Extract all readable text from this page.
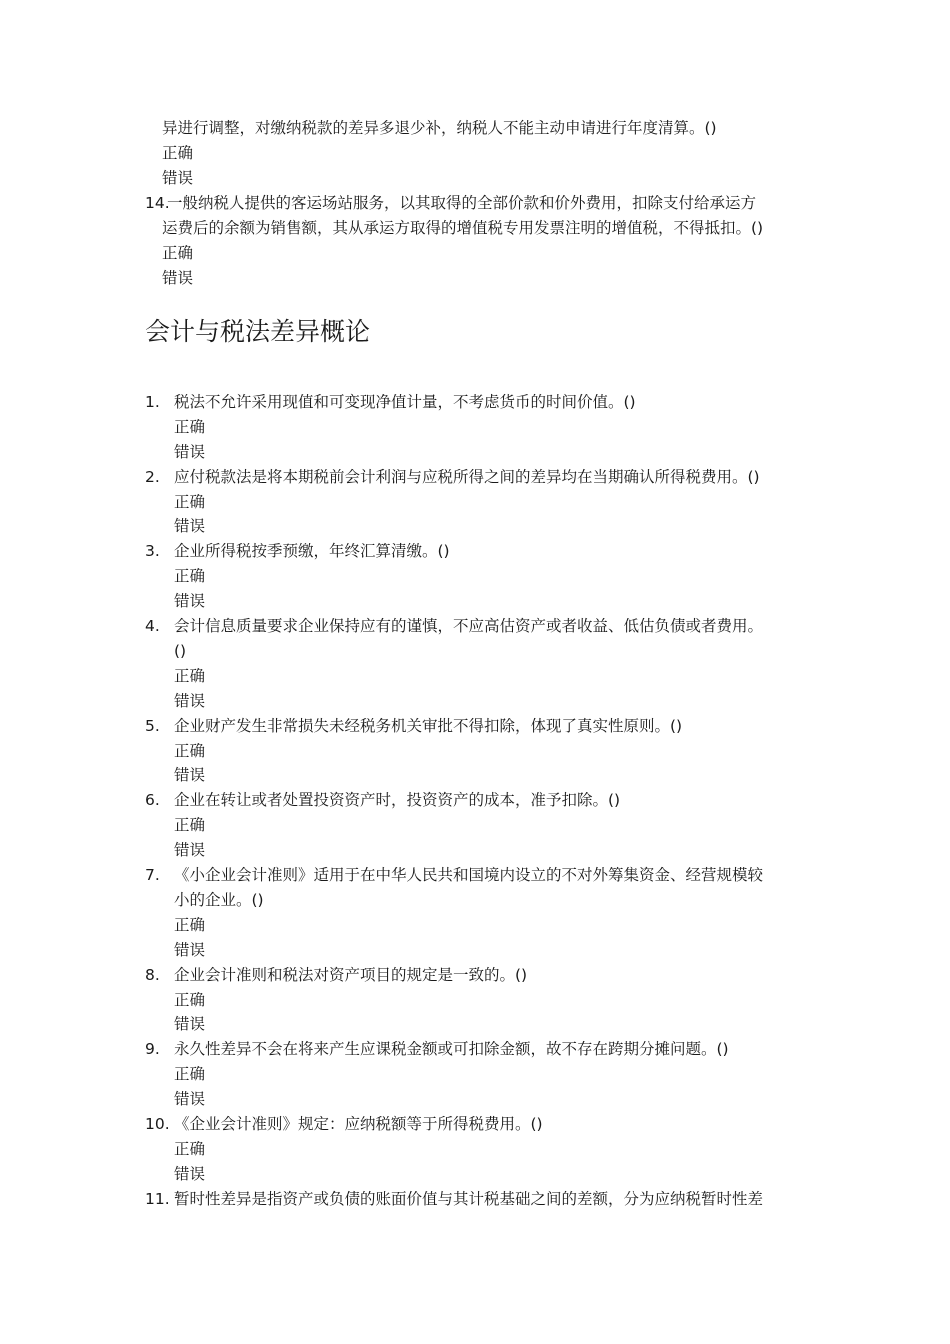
异进行调整，对缴纳税款的差异多退少补，纳税人不能主动申请进行年度清算。()
正确
错误
14.
一般纳税人提供的客运场站服务，以其取得的全部价款和价外费用，扣除支付给承运方
运费后的余额为销售额，其从承运方取得的增值税专用发票注明的增值税，不得抵扣。()
正确
错误
会计与税法差异概论
1. 税法不允许采用现值和可变现净值计量，不考虑货币的时间价值。()
正确
错误
2. 应付税款法是将本期税前会计利润与应税所得之间的差异均在当期确认所得税费用。()
正确
错误
3. 企业所得税按季预缴，年终汇算清缴。()
正确
错误
4. 会计信息质量要求企业保持应有的谨慎，不应高估资产或者收益、低估负债或者费用。
()
正确
错误
5. 企业财产发生非常损失未经税务机关审批不得扣除，体现了真实性原则。()
正确
错误
6. 企业在转让或者处置投资资产时，投资资产的成本，准予扣除。()
正确
错误
7. 《小企业会计准则》适用于在中华人民共和国境内设立的不对外筹集资金、经营规模较
小的企业。()
正确
错误
8. 企业会计准则和税法对资产项目的规定是一致的。()
正确
错误
9. 永久性差异不会在将来产生应课税金额或可扣除金额，故不存在跨期分摊问题。()
正确
错误
10. 《企业会计准则》规定：应纳税额等于所得税费用。()
正确
错误
11. 暂时性差异是指资产或负债的账面价值与其计税基础之间的差额，分为应纳税暂时性差
